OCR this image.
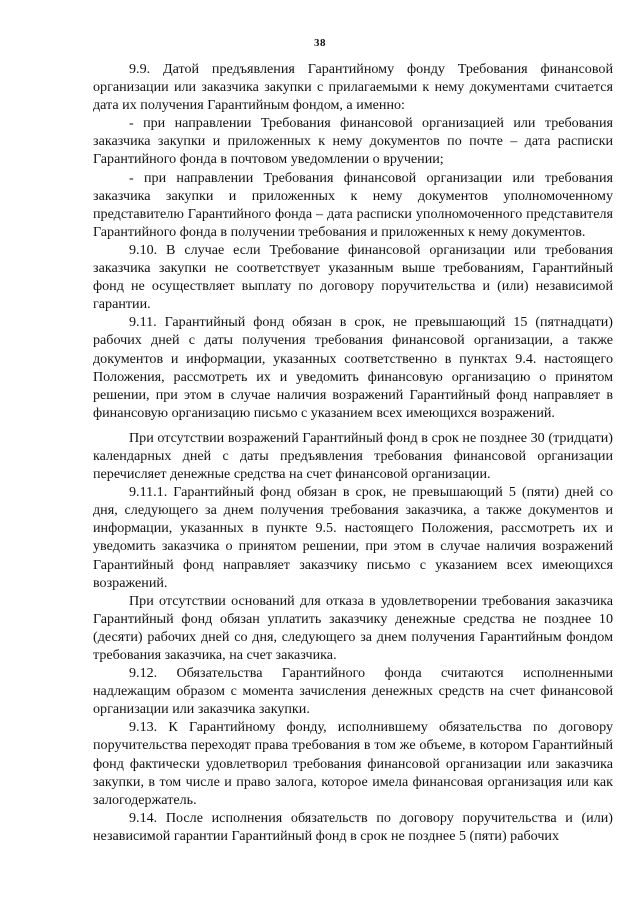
38

9.9. Датой предъявления Гарантийному фонду Требования финансовой организации или заказчика закупки с прилагаемыми к нему документами считается дата их получения Гарантийным фондом, а именно:

- при направлении Требования финансовой организацией или требования заказчика закупки и приложенных к нему документов по почте – дата расписки Гарантийного фонда в почтовом уведомлении о вручении;

- при направлении Требования финансовой организации или требования заказчика закупки и приложенных к нему документов уполномоченному представителю Гарантийного фонда – дата расписки уполномоченного представителя Гарантийного фонда в получении требования и приложенных к нему документов.

9.10. В случае если Требование финансовой организации или требования заказчика закупки не соответствует указанным выше требованиям, Гарантийный фонд не осуществляет выплату по договору поручительства и (или) независимой гарантии.

9.11. Гарантийный фонд обязан в срок, не превышающий 15 (пятнадцати) рабочих дней с даты получения требования финансовой организации, а также документов и информации, указанных соответственно в пунктах 9.4. настоящего Положения, рассмотреть их и уведомить финансовую организацию о принятом решении, при этом в случае наличия возражений Гарантийный фонд направляет в финансовую организацию письмо с указанием всех имеющихся возражений.

При отсутствии возражений Гарантийный фонд в срок не позднее 30 (тридцати) календарных дней с даты предъявления требования финансовой организации перечисляет денежные средства на счет финансовой организации.

9.11.1. Гарантийный фонд обязан в срок, не превышающий 5 (пяти) дней со дня, следующего за днем получения требования заказчика, а также документов и информации, указанных в пункте 9.5. настоящего Положения, рассмотреть их и уведомить заказчика о принятом решении, при этом в случае наличия возражений Гарантийный фонд направляет заказчику письмо с указанием всех имеющихся возражений.

При отсутствии оснований для отказа в удовлетворении требования заказчика Гарантийный фонд обязан уплатить заказчику денежные средства не позднее 10 (десяти) рабочих дней со дня, следующего за днем получения Гарантийным фондом требования заказчика, на счет заказчика.

9.12. Обязательства Гарантийного фонда считаются исполненными надлежащим образом с момента зачисления денежных средств на счет финансовой организации или заказчика закупки.

9.13. К Гарантийному фонду, исполнившему обязательства по договору поручительства переходят права требования в том же объеме, в котором Гарантийный фонд фактически удовлетворил требования финансовой организации или заказчика закупки, в том числе и право залога, которое имела финансовая организация или как залогодержатель.

9.14. После исполнения обязательств по договору поручительства и (или) независимой гарантии Гарантийный фонд в срок не позднее 5 (пяти) рабочих
